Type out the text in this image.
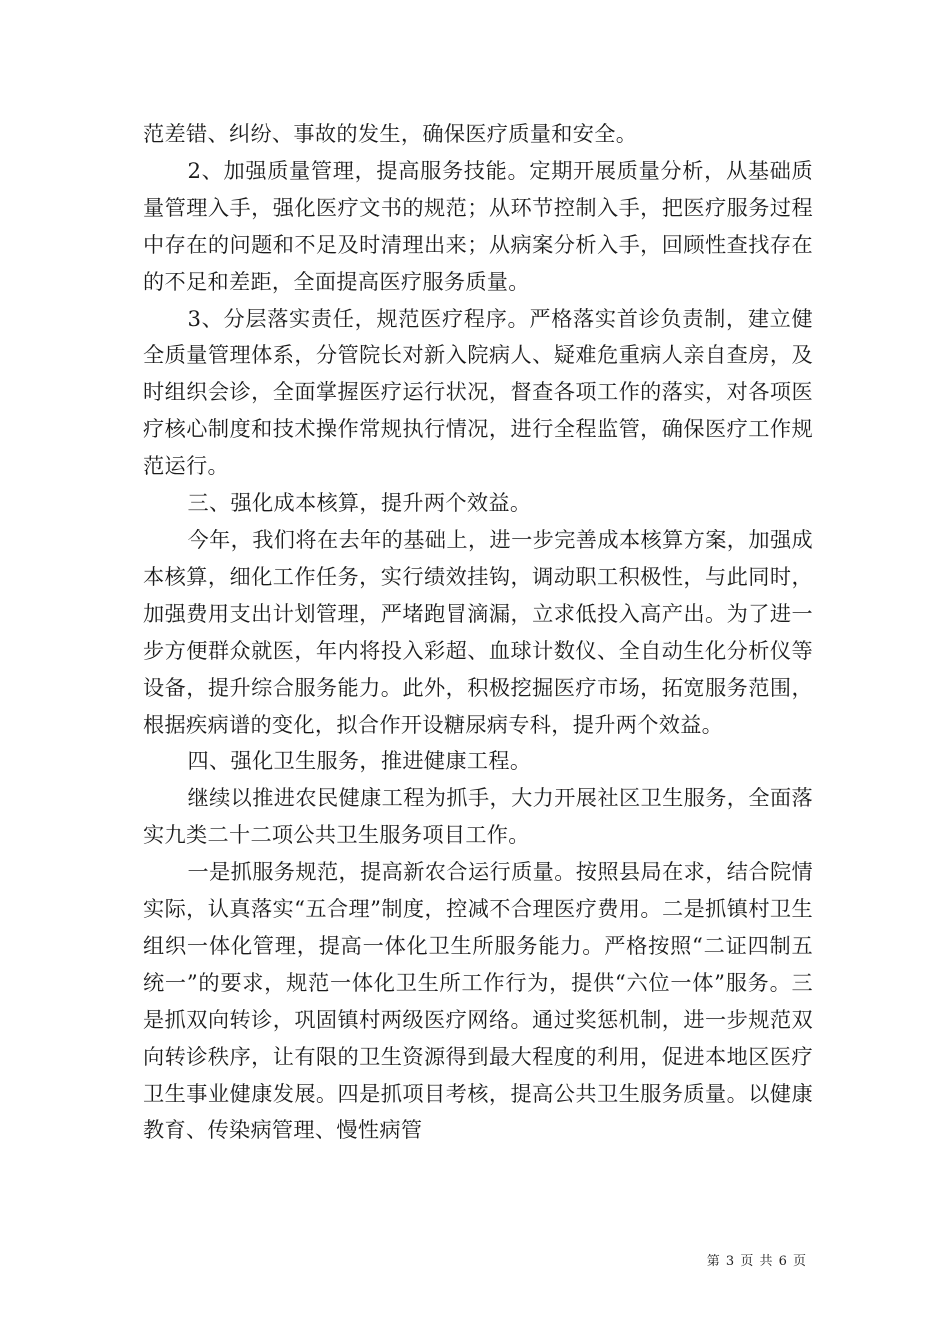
范差错、纠纷、事故的发生，确保医疗质量和安全。

2、加强质量管理，提高服务技能。定期开展质量分析，从基础质量管理入手，强化医疗文书的规范；从环节控制入手，把医疗服务过程中存在的问题和不足及时清理出来；从病案分析入手，回顾性查找存在的不足和差距，全面提高医疗服务质量。

3、分层落实责任，规范医疗程序。严格落实首诊负责制，建立健全质量管理体系，分管院长对新入院病人、疑难危重病人亲自查房，及时组织会诊，全面掌握医疗运行状况，督查各项工作的落实，对各项医疗核心制度和技术操作常规执行情况，进行全程监管，确保医疗工作规范运行。

三、强化成本核算，提升两个效益。

今年，我们将在去年的基础上，进一步完善成本核算方案，加强成本核算，细化工作任务，实行绩效挂钩，调动职工积极性，与此同时，加强费用支出计划管理，严堵跑冒滴漏，立求低投入高产出。为了进一步方便群众就医，年内将投入彩超、血球计数仪、全自动生化分析仪等设备，提升综合服务能力。此外，积极挖掘医疗市场，拓宽服务范围，根据疾病谱的变化，拟合作开设糖尿病专科，提升两个效益。

四、强化卫生服务，推进健康工程。

继续以推进农民健康工程为抓手，大力开展社区卫生服务，全面落实九类二十二项公共卫生服务项目工作。

一是抓服务规范，提高新农合运行质量。按照县局在求，结合院情实际，认真落实“五合理”制度，控减不合理医疗费用。二是抓镇村卫生组织一体化管理，提高一体化卫生所服务能力。严格按照“二证四制五统一”的要求，规范一体化卫生所工作行为，提供“六位一体”服务。三是抓双向转诊，巩固镇村两级医疗网络。通过奖惩机制，进一步规范双向转诊秩序，让有限的卫生资源得到最大程度的利用，促进本地区医疗卫生事业健康发展。四是抓项目考核，提高公共卫生服务质量。以健康教育、传染病管理、慢性病管

第 3 页 共 6 页
